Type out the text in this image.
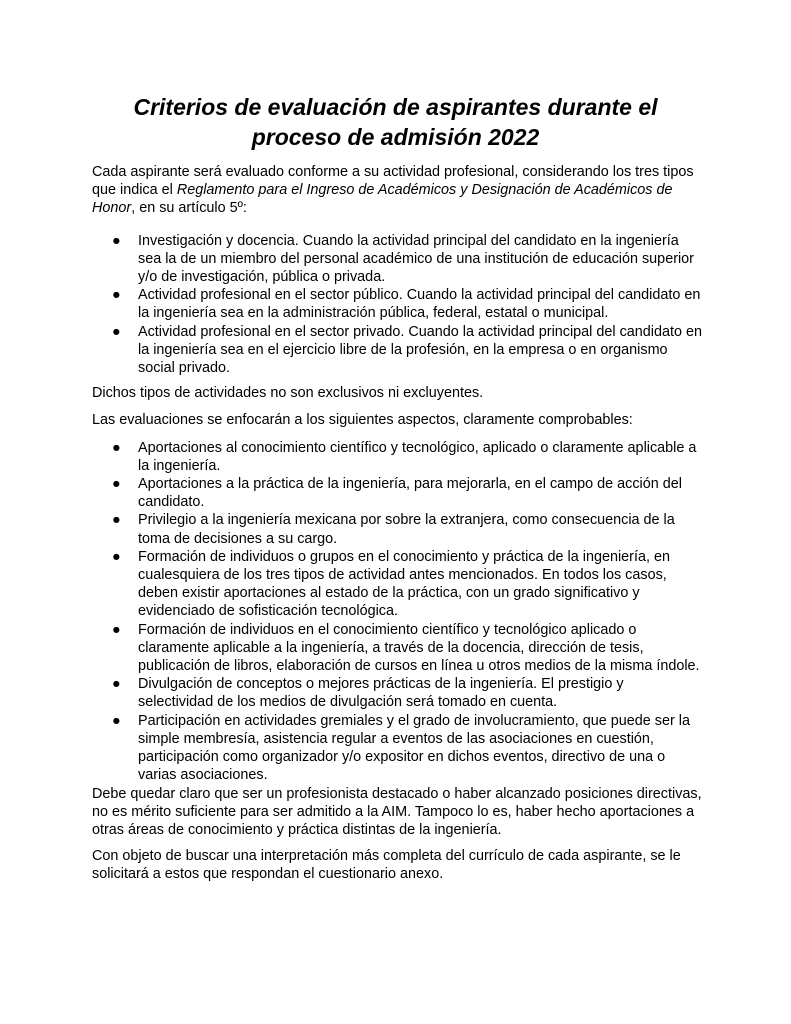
Criterios de evaluación de aspirantes durante el
proceso de admisión 2022

Cada aspirante será evaluado conforme a su actividad profesional, considerando los tres tipos que indica el Reglamento para el Ingreso de Académicos y Designación de Académicos de Honor, en su artículo 5º:

● Investigación y docencia. Cuando la actividad principal del candidato en la ingeniería sea la de un miembro del personal académico de una institución de educación superior y/o de investigación, pública o privada.
● Actividad profesional en el sector público. Cuando la actividad principal del candidato en la ingeniería sea en la administración pública, federal, estatal o municipal.
● Actividad profesional en el sector privado. Cuando la actividad principal del candidato en la ingeniería sea en el ejercicio libre de la profesión, en la empresa o en organismo social privado.

Dichos tipos de actividades no son exclusivos ni excluyentes.

Las evaluaciones se enfocarán a los siguientes aspectos, claramente comprobables:

● Aportaciones al conocimiento científico y tecnológico, aplicado o claramente aplicable a la ingeniería.
● Aportaciones a la práctica de la ingeniería, para mejorarla, en el campo de acción del candidato.
● Privilegio a la ingeniería mexicana por sobre la extranjera, como consecuencia de la toma de decisiones a su cargo.
● Formación de individuos o grupos en el conocimiento y práctica de la ingeniería, en cualesquiera de los tres tipos de actividad antes mencionados. En todos los casos, deben existir aportaciones al estado de la práctica, con un grado significativo y evidenciado de sofisticación tecnológica.
● Formación de individuos en el conocimiento científico y tecnológico aplicado o claramente aplicable a la ingeniería, a través de la docencia, dirección de tesis, publicación de libros, elaboración de cursos en línea u otros medios de la misma índole.
● Divulgación de conceptos o mejores prácticas de la ingeniería. El prestigio y selectividad de los medios de divulgación será tomado en cuenta.
● Participación en actividades gremiales y el grado de involucramiento, que puede ser la simple membresía, asistencia regular a eventos de las asociaciones en cuestión, participación como organizador y/o expositor en dichos eventos, directivo de una o varias asociaciones.

Debe quedar claro que ser un profesionista destacado o haber alcanzado posiciones directivas, no es mérito suficiente para ser admitido a la AIM. Tampoco lo es, haber hecho aportaciones a otras áreas de conocimiento y práctica distintas de la ingeniería.

Con objeto de buscar una interpretación más completa del currículo de cada aspirante, se le solicitará a estos que respondan el cuestionario anexo.
